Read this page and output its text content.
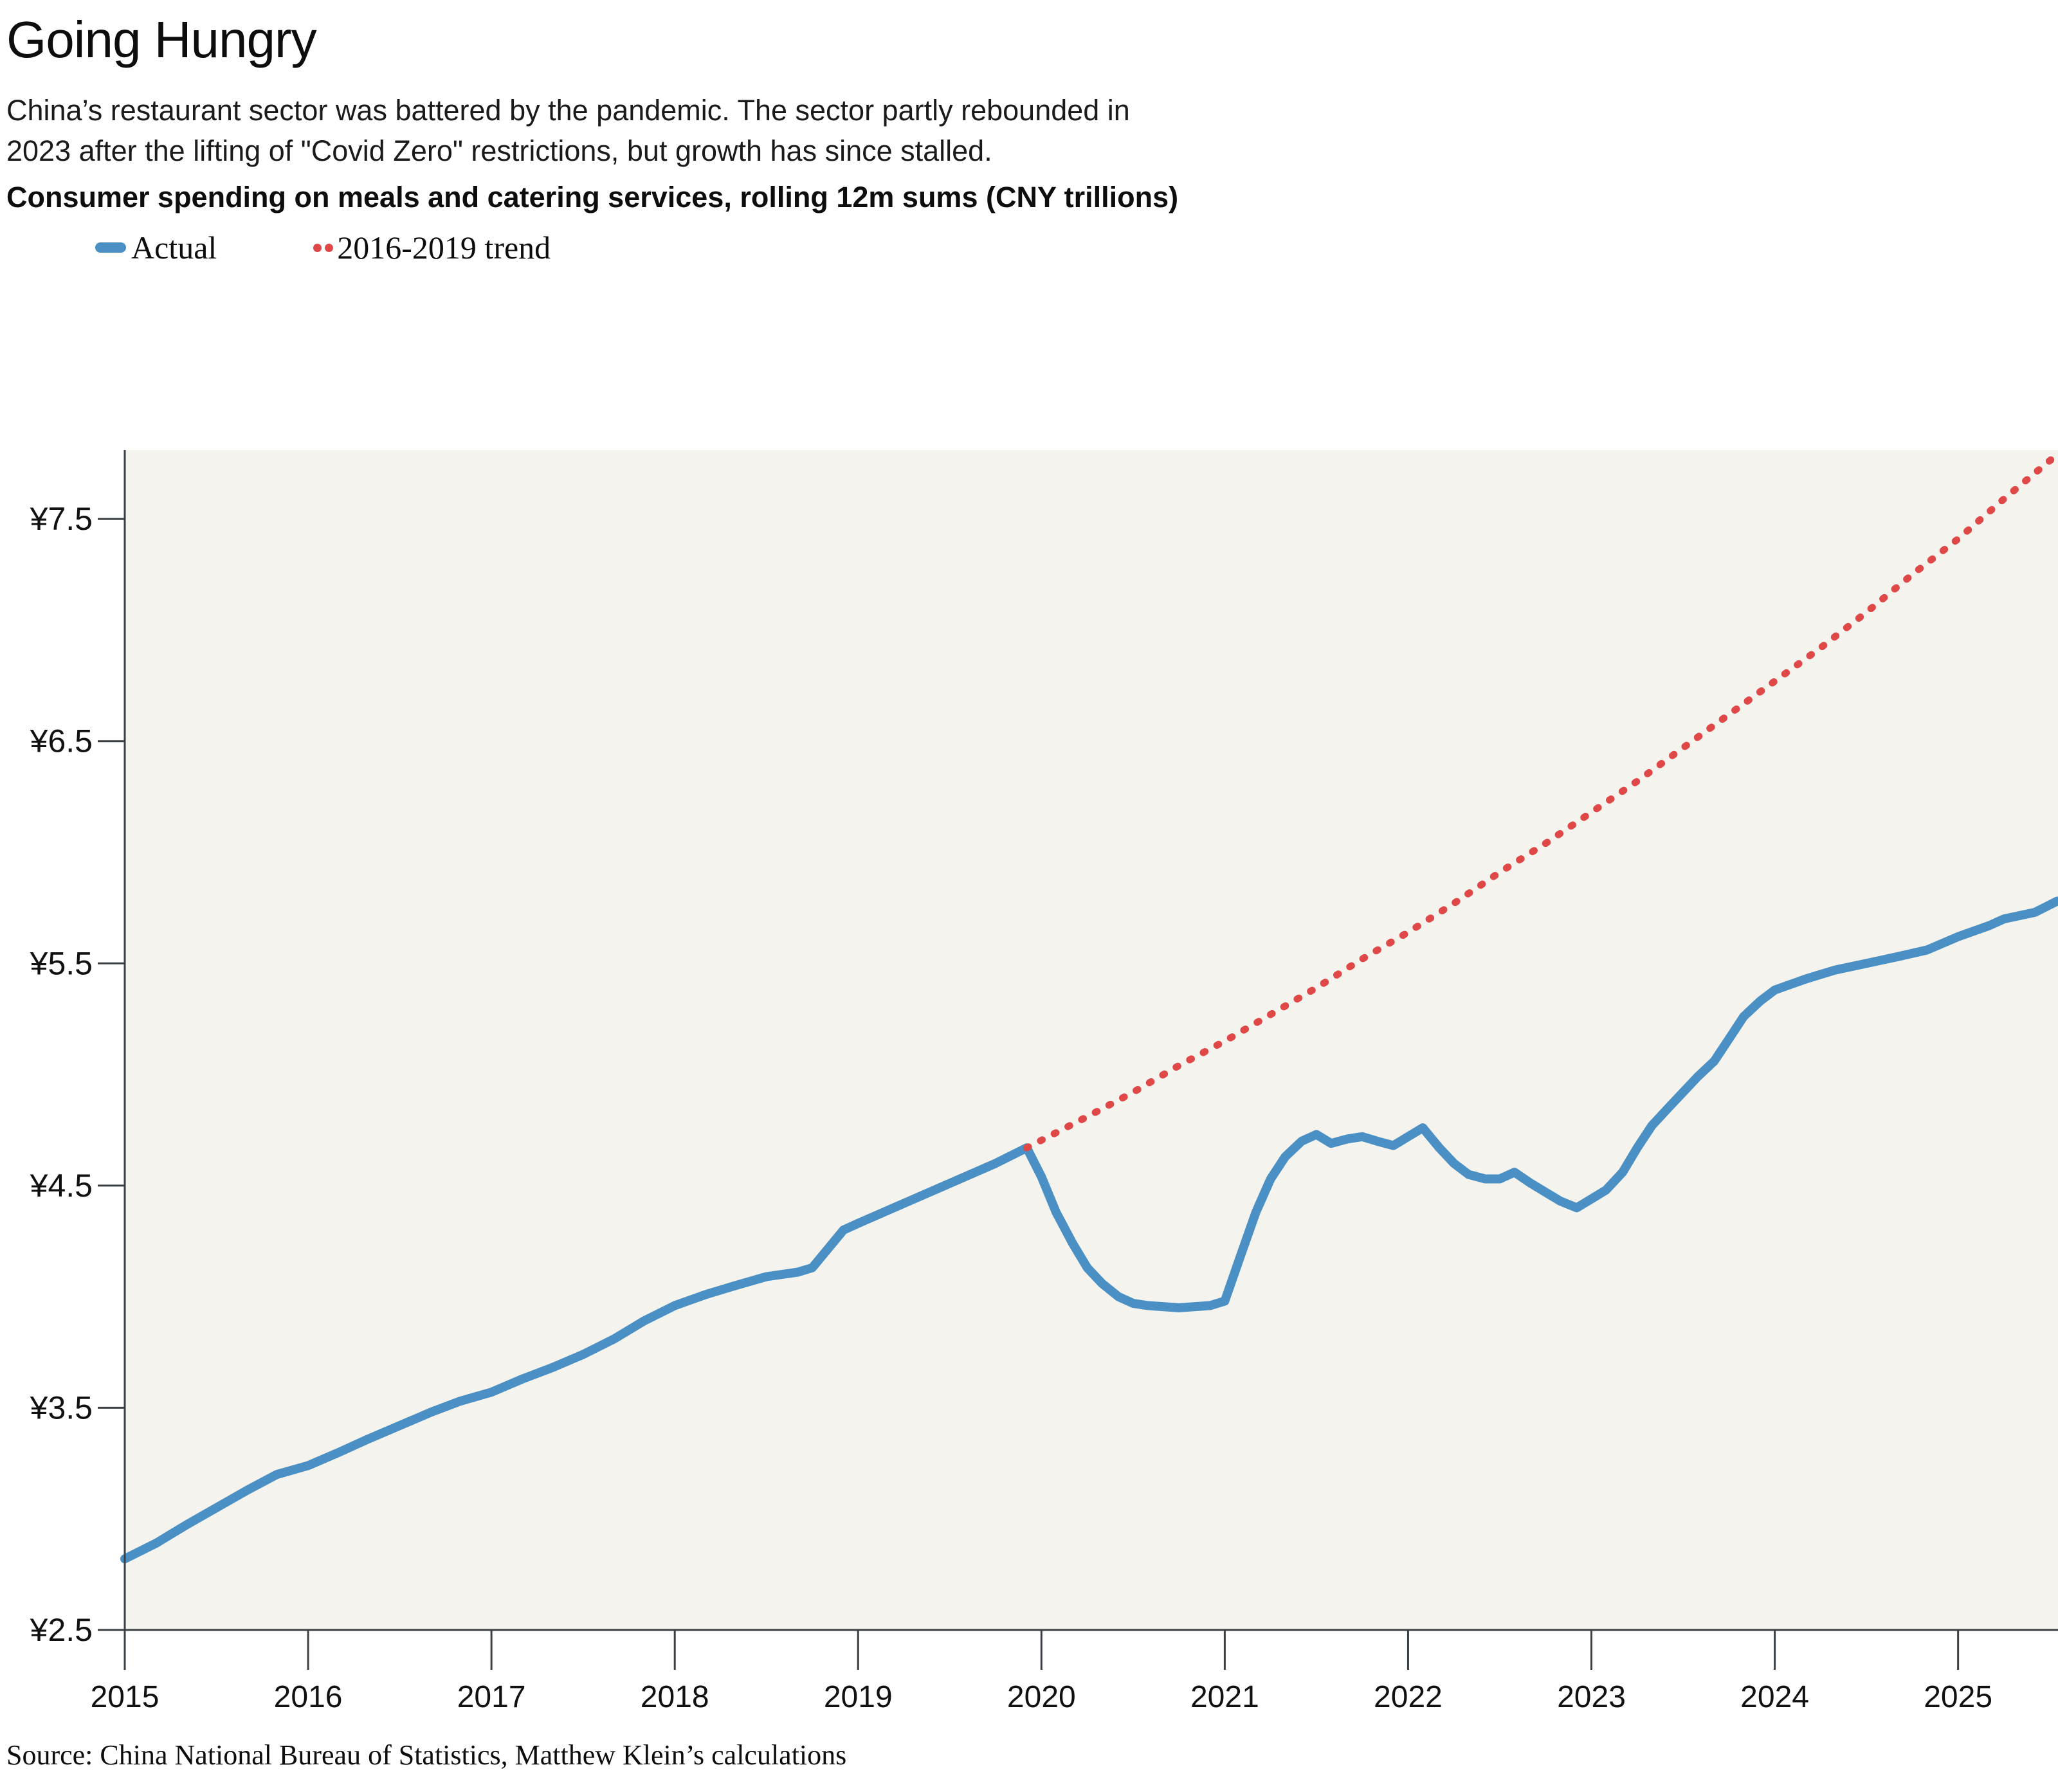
Going Hungry
China’s restaurant sector was battered by the pandemic. The sector partly rebounded in
2023 after the lifting of "Covid Zero" restrictions, but growth has since stalled.
Consumer spending on meals and catering services, rolling 12m sums (CNY trillions)
Actual	2016-2019 trend
¥2.5
¥3.5
¥4.5
¥5.5
¥6.5
¥7.5
2015	2016	2017	2018	2019	2020	2021	2022	2023	2024	2025
Source: China National Bureau of Statistics, Matthew Klein’s calculations
